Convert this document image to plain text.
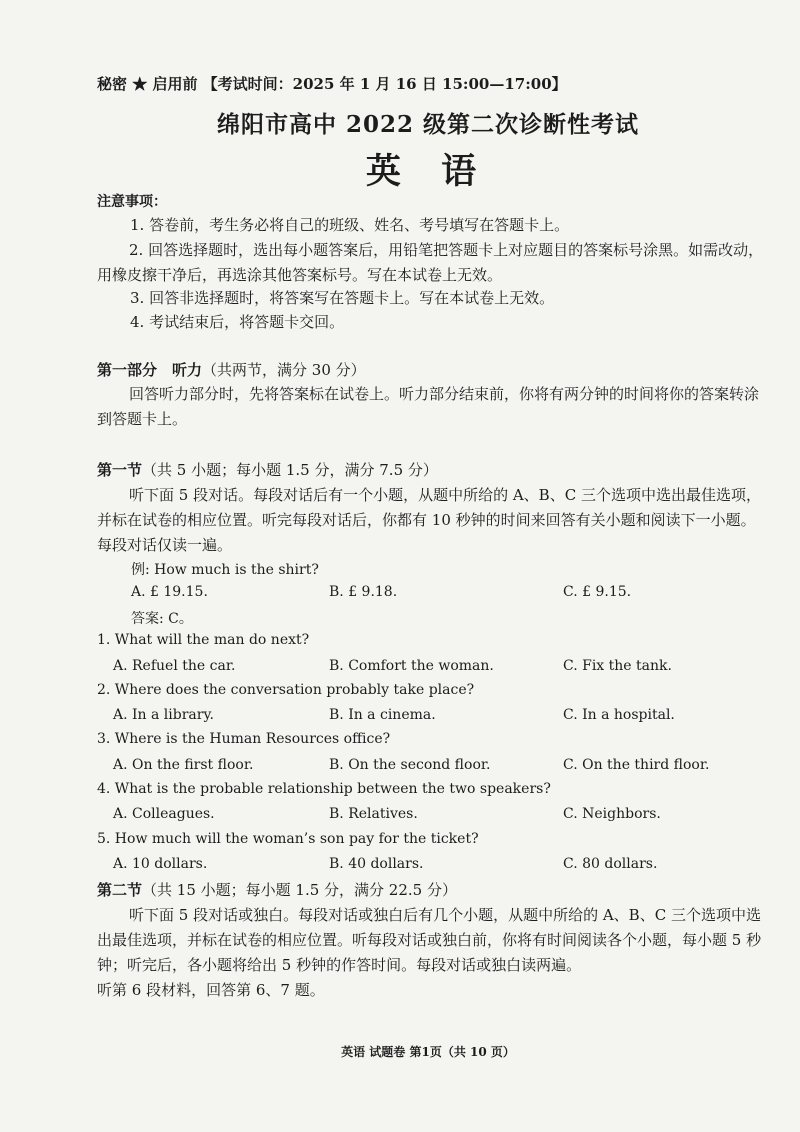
秘密 ★ 启用前 【考试时间：2025 年 1 月 16 日 15:00—17:00】
绵阳市高中 2022 级第二次诊断性考试
英 语
注意事项：
1. 答卷前，考生务必将自己的班级、姓名、考号填写在答题卡上。
2. 回答选择题时，选出每小题答案后，用铅笔把答题卡上对应题目的答案标号涂黑。如需改动，用橡皮擦干净后，再选涂其他答案标号。写在本试卷上无效。
3. 回答非选择题时，将答案写在答题卡上。写在本试卷上无效。
4. 考试结束后，将答题卡交回。
第一部分　听力（共两节，满分 30 分）
回答听力部分时，先将答案标在试卷上。听力部分结束前，你将有两分钟的时间将你的答案转涂到答题卡上。
第一节（共 5 小题；每小题 1.5 分，满分 7.5 分）
听下面 5 段对话。每段对话后有一个小题，从题中所给的 A、B、C 三个选项中选出最佳选项，并标在试卷的相应位置。听完每段对话后，你都有 10 秒钟的时间来回答有关小题和阅读下一小题。每段对话仅读一遍。
例: How much is the shirt?
A. £ 19.15.	B. £ 9.18.	C. £ 9.15.
答案: C。
1. What will the man do next?
A. Refuel the car.	B. Comfort the woman.	C. Fix the tank.
2. Where does the conversation probably take place?
A. In a library.	B. In a cinema.	C. In a hospital.
3. Where is the Human Resources office?
A. On the first floor.	B. On the second floor.	C. On the third floor.
4. What is the probable relationship between the two speakers?
A. Colleagues.	B. Relatives.	C. Neighbors.
5. How much will the woman’s son pay for the ticket?
A. 10 dollars.	B. 40 dollars.	C. 80 dollars.
第二节（共 15 小题；每小题 1.5 分，满分 22.5 分）
听下面 5 段对话或独白。每段对话或独白后有几个小题，从题中所给的 A、B、C 三个选项中选出最佳选项，并标在试卷的相应位置。听每段对话或独白前，你将有时间阅读各个小题，每小题 5 秒钟；听完后，各小题将给出 5 秒钟的作答时间。每段对话或独白读两遍。
听第 6 段材料，回答第 6、7 题。
英语 试题卷 第1页（共 10 页）
